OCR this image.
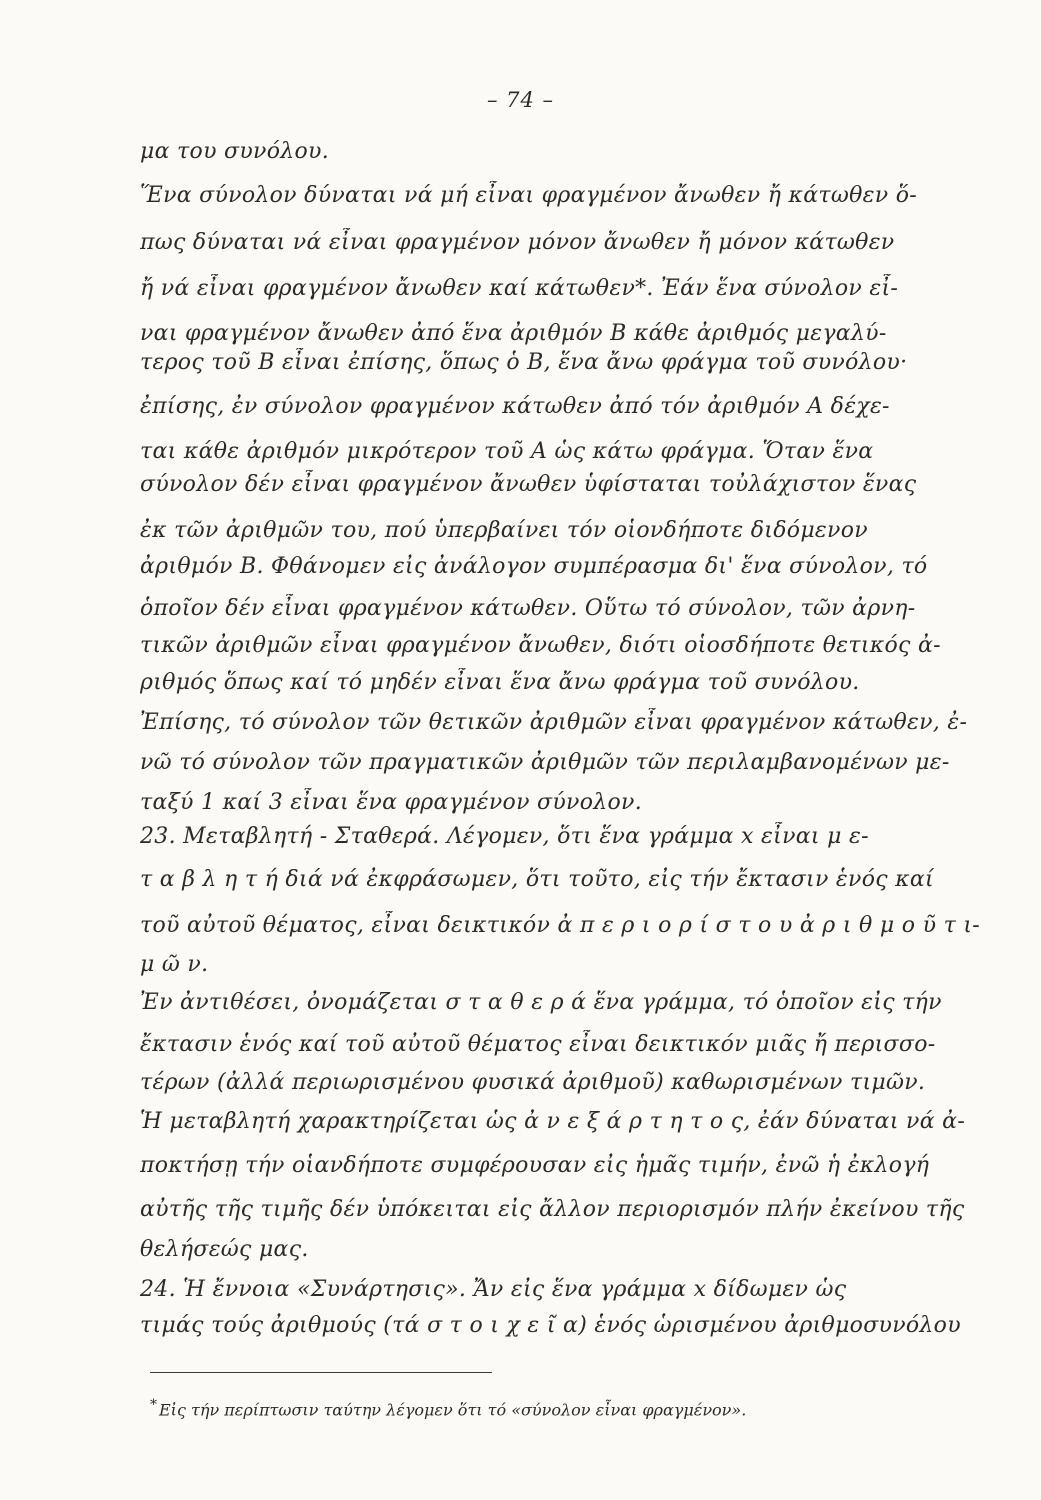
– 74 –
μα του συνόλου.
Ἕνα σύνολον δύναται νά μή εἶναι φραγμένον ἄνωθεν ἤ κάτωθεν ὅ-
πως δύναται νά εἶναι φραγμένον μόνον ἄνωθεν ἤ μόνον κάτωθεν
ἤ νά εἶναι φραγμένον ἄνωθεν καί κάτωθεν*. Ἐάν ἕνα σύνολον εἶ-
ναι φραγμένον ἄνωθεν ἀπό ἕνα ἀριθμόν Β κάθε ἀριθμός μεγαλύ-
τερος τοῦ Β εἶναι ἐπίσης, ὅπως ὁ Β, ἕνα ἄνω φράγμα τοῦ συνόλου·
ἐπίσης, ἐν σύνολον φραγμένον κάτωθεν ἀπό τόν ἀριθμόν Α δέχε-
ται κάθε ἀριθμόν μικρότερον τοῦ Α ὡς κάτω φράγμα. Ὅταν ἕνα
σύνολον δέν εἶναι φραγμένον ἄνωθεν ὑφίσταται τοὐλάχιστον ἕνας
ἐκ τῶν ἀριθμῶν του, πού ὑπερβαίνει τόν οἱονδήποτε διδόμενον
ἀριθμόν Β. Φθάνομεν εἰς ἀνάλογον συμπέρασμα δι' ἕνα σύνολον, τό
ὁποῖον δέν εἶναι φραγμένον κάτωθεν. Οὕτω τό σύνολον, τῶν ἀρνη-
τικῶν ἀριθμῶν εἶναι φραγμένον ἄνωθεν, διότι οἱοσδήποτε θετικός ἀ-
ριθμός ὅπως καί τό μηδέν εἶναι ἕνα ἄνω φράγμα τοῦ συνόλου.
Ἐπίσης, τό σύνολον τῶν θετικῶν ἀριθμῶν εἶναι φραγμένον κάτωθεν, ἐ-
νῶ τό σύνολον τῶν πραγματικῶν ἀριθμῶν τῶν περιλαμβανομένων με-
ταξύ 1 καί 3 εἶναι ἕνα φραγμένον σύνολον.
23. Μεταβλητή - Σταθερά. Λέγομεν, ὅτι ἕνα γράμμα x εἶναι μ ε-
τ α β λ η τ ή διά νά ἐκφράσωμεν, ὅτι τοῦτο, εἰς τήν ἔκτασιν ἑνός καί
τοῦ αὐτοῦ θέματος, εἶναι δεικτικόν ἀ π ε ρ ι ο ρ ί σ τ ο υ ἀ ρ ι θ μ ο ῦ τ ι-
μ ῶ ν.
Ἐν ἀντιθέσει, ὀνομάζεται σ τ α θ ε ρ ά ἕνα γράμμα, τό ὁποῖον εἰς τήν
ἔκτασιν ἑνός καί τοῦ αὐτοῦ θέματος εἶναι δεικτικόν μιᾶς ἤ περισσο-
τέρων (ἀλλά περιωρισμένου φυσικά ἀριθμοῦ) καθωρισμένων τιμῶν.
Ἡ μεταβλητή χαρακτηρίζεται ὡς ἀ ν ε ξ ά ρ τ η τ ο ς, ἐάν δύναται νά ἀ-
ποκτήσῃ τήν οἱανδήποτε συμφέρουσαν εἰς ἡμᾶς τιμήν, ἐνῶ ἡ ἐκλογή
αὐτῆς τῆς τιμῆς δέν ὑπόκειται εἰς ἄλλον περιορισμόν πλήν ἐκείνου τῆς
θελήσεώς μας.
24. Ἡ ἔννοια «Συνάρτησις». Ἄν εἰς ἕνα γράμμα x δίδωμεν ὡς
τιμάς τούς ἀριθμούς (τά σ τ ο ι χ ε ῖ α) ἑνός ὡρισμένου ἀριθμοσυνόλου
* Εἰς τήν περίπτωσιν ταύτην λέγομεν ὅτι τό «σύνολον εἶναι φραγμένον».
